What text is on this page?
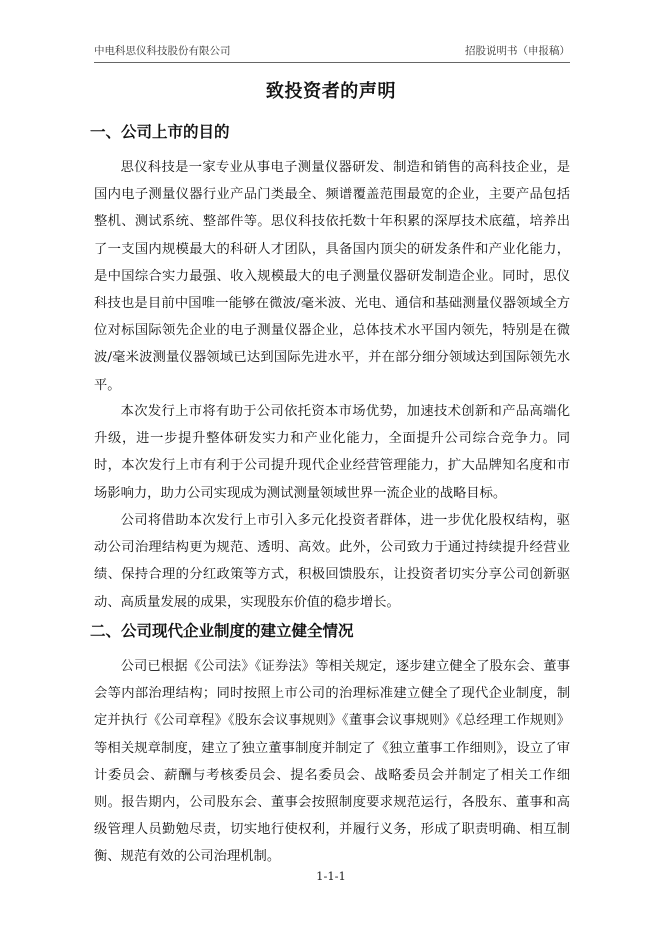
中电科思仪科技股份有限公司	招股说明书（申报稿）
致投资者的声明
一、公司上市的目的

思仪科技是一家专业从事电子测量仪器研发、制造和销售的高科技企业，是国内电子测量仪器行业产品门类最全、频谱覆盖范围最宽的企业，主要产品包括整机、测试系统、整部件等。思仪科技依托数十年积累的深厚技术底蕴，培养出了一支国内规模最大的科研人才团队，具备国内顶尖的研发条件和产业化能力，是中国综合实力最强、收入规模最大的电子测量仪器研发制造企业。同时，思仪科技也是目前中国唯一能够在微波/毫米波、光电、通信和基础测量仪器领域全方位对标国际领先企业的电子测量仪器企业，总体技术水平国内领先，特别是在微波/毫米波测量仪器领域已达到国际先进水平，并在部分细分领域达到国际领先水平。

本次发行上市将有助于公司依托资本市场优势，加速技术创新和产品高端化升级，进一步提升整体研发实力和产业化能力，全面提升公司综合竞争力。同时，本次发行上市有利于公司提升现代企业经营管理能力，扩大品牌知名度和市场影响力，助力公司实现成为测试测量领域世界一流企业的战略目标。

公司将借助本次发行上市引入多元化投资者群体，进一步优化股权结构，驱动公司治理结构更为规范、透明、高效。此外，公司致力于通过持续提升经营业绩、保持合理的分红政策等方式，积极回馈股东，让投资者切实分享公司创新驱动、高质量发展的成果，实现股东价值的稳步增长。

二、公司现代企业制度的建立健全情况

公司已根据《公司法》《证券法》等相关规定，逐步建立健全了股东会、董事会等内部治理结构；同时按照上市公司的治理标准建立健全了现代企业制度，制定并执行《公司章程》《股东会议事规则》《董事会议事规则》《总经理工作规则》等相关规章制度，建立了独立董事制度并制定了《独立董事工作细则》，设立了审计委员会、薪酬与考核委员会、提名委员会、战略委员会并制定了相关工作细则。报告期内，公司股东会、董事会按照制度要求规范运行，各股东、董事和高级管理人员勤勉尽责，切实地行使权利，并履行义务，形成了职责明确、相互制衡、规范有效的公司治理机制。

1-1-1
